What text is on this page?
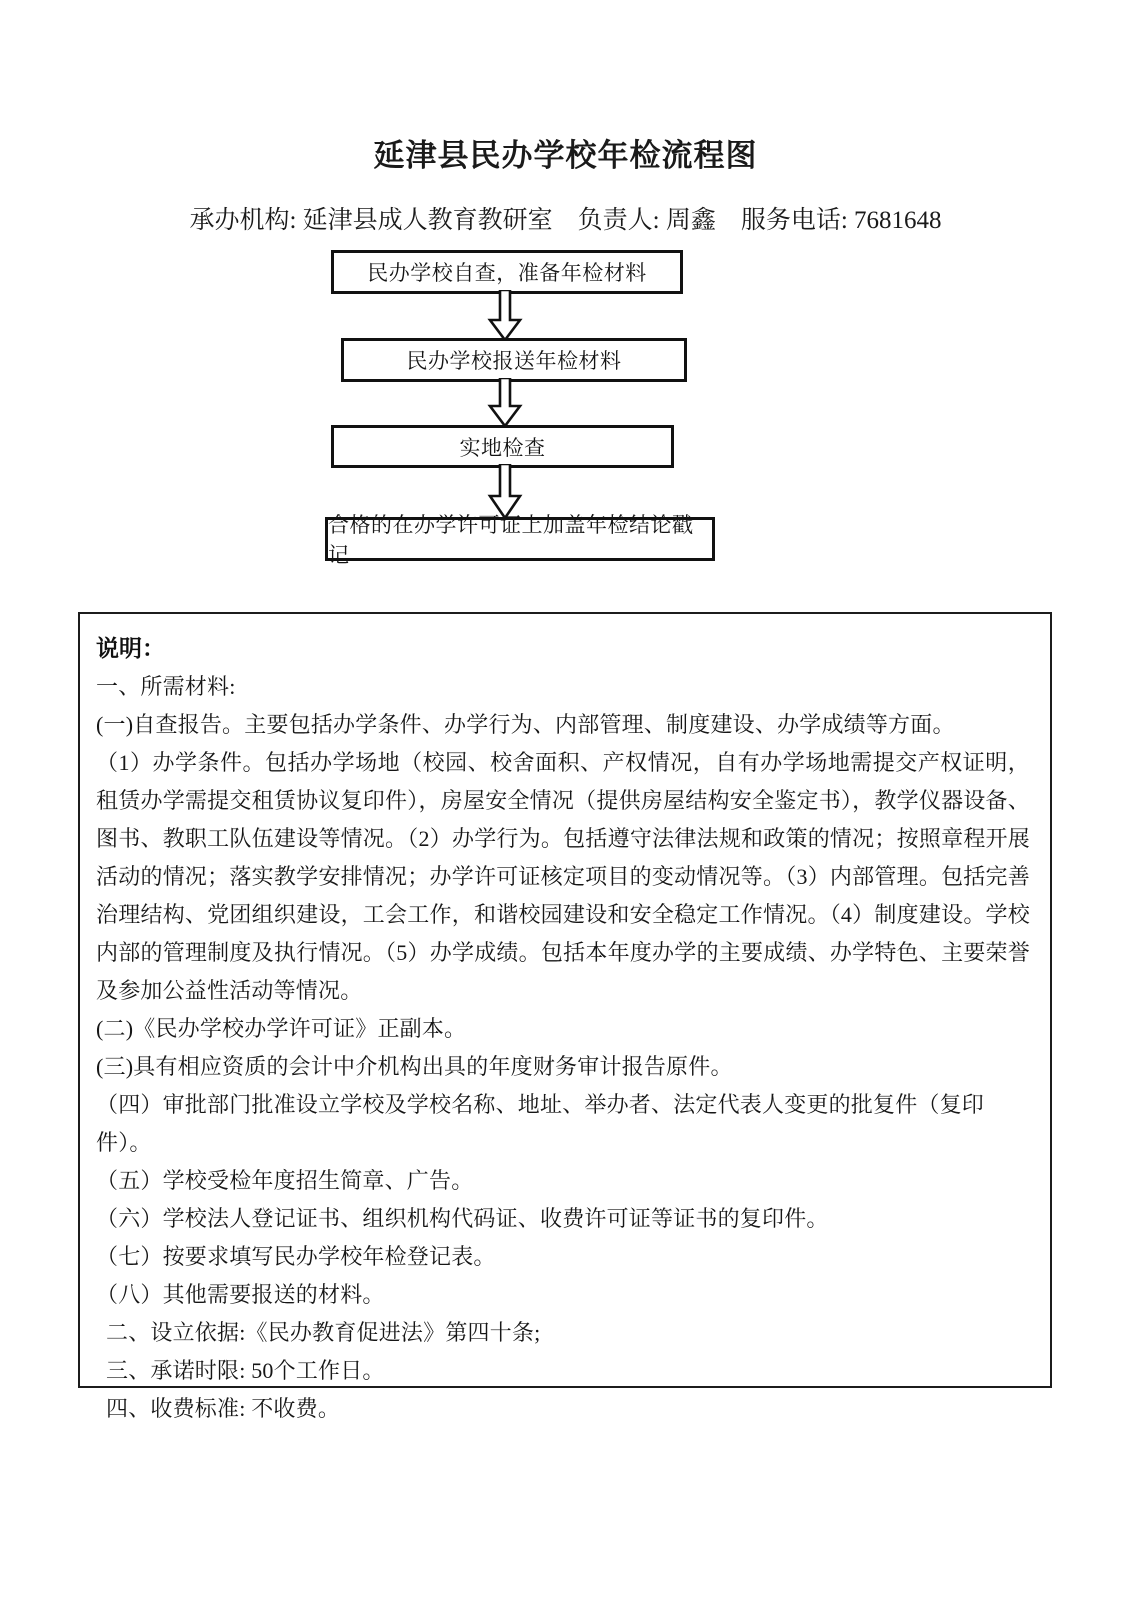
延津县民办学校年检流程图
承办机构: 延津县成人教育教研室　负责人: 周鑫　服务电话: 7681648
民办学校自查，准备年检材料
民办学校报送年检材料
实地检查
合格的在办学许可证上加盖年检结论戳记
说明：
一、所需材料:
(一)自查报告。主要包括办学条件、办学行为、内部管理、制度建设、办学成绩等方面。
（1）办学条件。包括办学场地（校园、校舍面积、产权情况，自有办学场地需提交产权证明，租赁办学需提交租赁协议复印件），房屋安全情况（提供房屋结构安全鉴定书），教学仪器设备、图书、教职工队伍建设等情况。（2）办学行为。包括遵守法律法规和政策的情况；按照章程开展活动的情况；落实教学安排情况；办学许可证核定项目的变动情况等。（3）内部管理。包括完善治理结构、党团组织建设，工会工作，和谐校园建设和安全稳定工作情况。（4）制度建设。学校内部的管理制度及执行情况。（5）办学成绩。包括本年度办学的主要成绩、办学特色、主要荣誉及参加公益性活动等情况。
(二)《民办学校办学许可证》正副本。
(三)具有相应资质的会计中介机构出具的年度财务审计报告原件。
（四）审批部门批准设立学校及学校名称、地址、举办者、法定代表人变更的批复件（复印件）。
（五）学校受检年度招生简章、广告。
（六）学校法人登记证书、组织机构代码证、收费许可证等证书的复印件。
（七）按要求填写民办学校年检登记表。
（八）其他需要报送的材料。
二、设立依据:《民办教育促进法》第四十条;
三、承诺时限: 50个工作日。
四、收费标准: 不收费。
